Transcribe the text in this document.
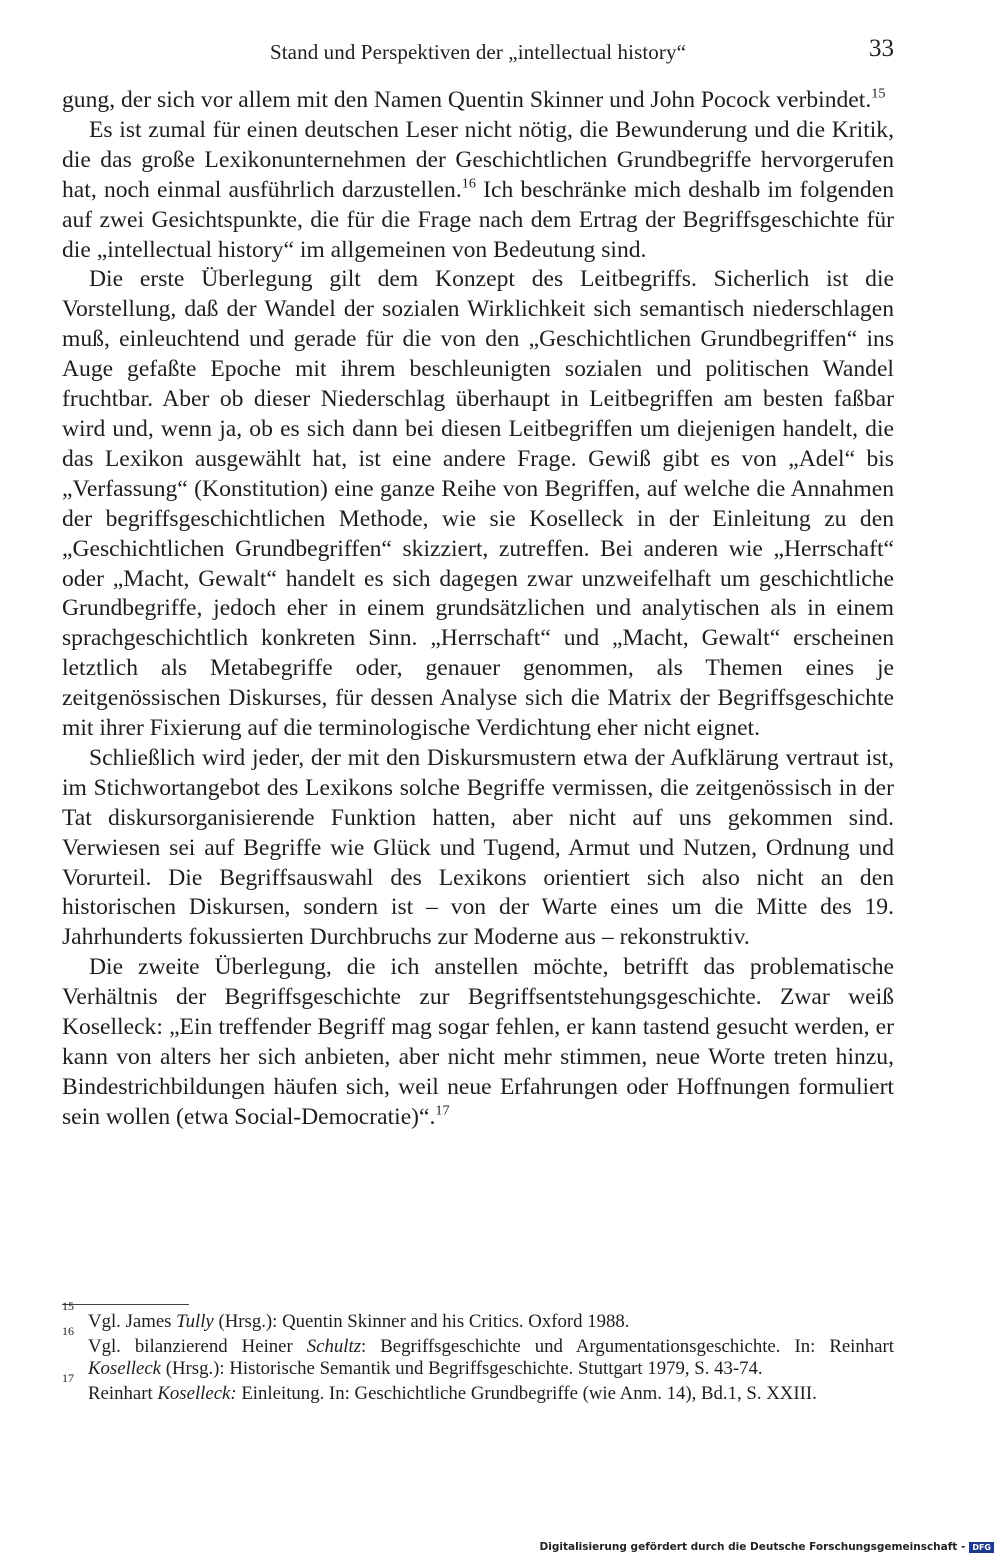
Stand und Perspektiven der „intellectual history“	33

gung, der sich vor allem mit den Namen Quentin Skinner und John Pocock verbindet.$^{15}$

Es ist zumal für einen deutschen Leser nicht nötig, die Bewunderung und die Kritik, die das große Lexikonunternehmen der Geschichtlichen Grundbegriffe hervorgerufen hat, noch einmal ausführlich darzustellen.$^{16}$ Ich beschränke mich deshalb im folgenden auf zwei Gesichtspunkte, die für die Frage nach dem Ertrag der Begriffsgeschichte für die „intellectual history“ im allgemeinen von Bedeutung sind.

Die erste Überlegung gilt dem Konzept des Leitbegriffs. Sicherlich ist die Vorstellung, daß der Wandel der sozialen Wirklichkeit sich semantisch niederschlagen muß, einleuchtend und gerade für die von den „Geschichtlichen Grundbegriffen“ ins Auge gefaßte Epoche mit ihrem beschleunigten sozialen und politischen Wandel fruchtbar. Aber ob dieser Niederschlag überhaupt in Leitbegriffen am besten faßbar wird und, wenn ja, ob es sich dann bei diesen Leitbegriffen um diejenigen handelt, die das Lexikon ausgewählt hat, ist eine andere Frage. Gewiß gibt es von „Adel“ bis „Verfassung“ (Konstitution) eine ganze Reihe von Begriffen, auf welche die Annahmen der begriffsgeschichtlichen Methode, wie sie Koselleck in der Einleitung zu den „Geschichtlichen Grundbegriffen“ skizziert, zutreffen. Bei anderen wie „Herrschaft“ oder „Macht, Gewalt“ handelt es sich dagegen zwar unzweifelhaft um geschichtliche Grundbegriffe, jedoch eher in einem grundsätzlichen und analytischen als in einem sprachgeschichtlich konkreten Sinn. „Herrschaft“ und „Macht, Gewalt“ erscheinen letztlich als Metabegriffe oder, genauer genommen, als Themen eines je zeitgenössischen Diskurses, für dessen Analyse sich die Matrix der Begriffsgeschichte mit ihrer Fixierung auf die terminologische Verdichtung eher nicht eignet.

Schließlich wird jeder, der mit den Diskursmustern etwa der Aufklärung vertraut ist, im Stichwortangebot des Lexikons solche Begriffe vermissen, die zeitgenössisch in der Tat diskursorganisierende Funktion hatten, aber nicht auf uns gekommen sind. Verwiesen sei auf Begriffe wie Glück und Tugend, Armut und Nutzen, Ordnung und Vorurteil. Die Begriffsauswahl des Lexikons orientiert sich also nicht an den historischen Diskursen, sondern ist – von der Warte eines um die Mitte des 19. Jahrhunderts fokussierten Durchbruchs zur Moderne aus – rekonstruktiv.

Die zweite Überlegung, die ich anstellen möchte, betrifft das problematische Verhältnis der Begriffsgeschichte zur Begriffsentstehungsgeschichte. Zwar weiß Koselleck: „Ein treffender Begriff mag sogar fehlen, er kann tastend gesucht werden, er kann von alters her sich anbieten, aber nicht mehr stimmen, neue Worte treten hinzu, Bindestrichbildungen häufen sich, weil neue Erfahrungen oder Hoffnungen formuliert sein wollen (etwa Social-Democratie)“.$^{17}$

15
Vgl. James Tully (Hrsg.): Quentin Skinner and his Critics. Oxford 1988.
16
Vgl. bilanzierend Heiner Schultz: Begriffsgeschichte und Argumentationsgeschichte. In: Reinhart Koselleck (Hrsg.): Historische Semantik und Begriffsgeschichte. Stuttgart 1979, S. 43-74.
17
Reinhart Koselleck: Einleitung. In: Geschichtliche Grundbegriffe (wie Anm. 14), Bd.1, S. XXIII.
Digitalisierung gefördert durch die Deutsche Forschungsgemeinschaft - DFG
